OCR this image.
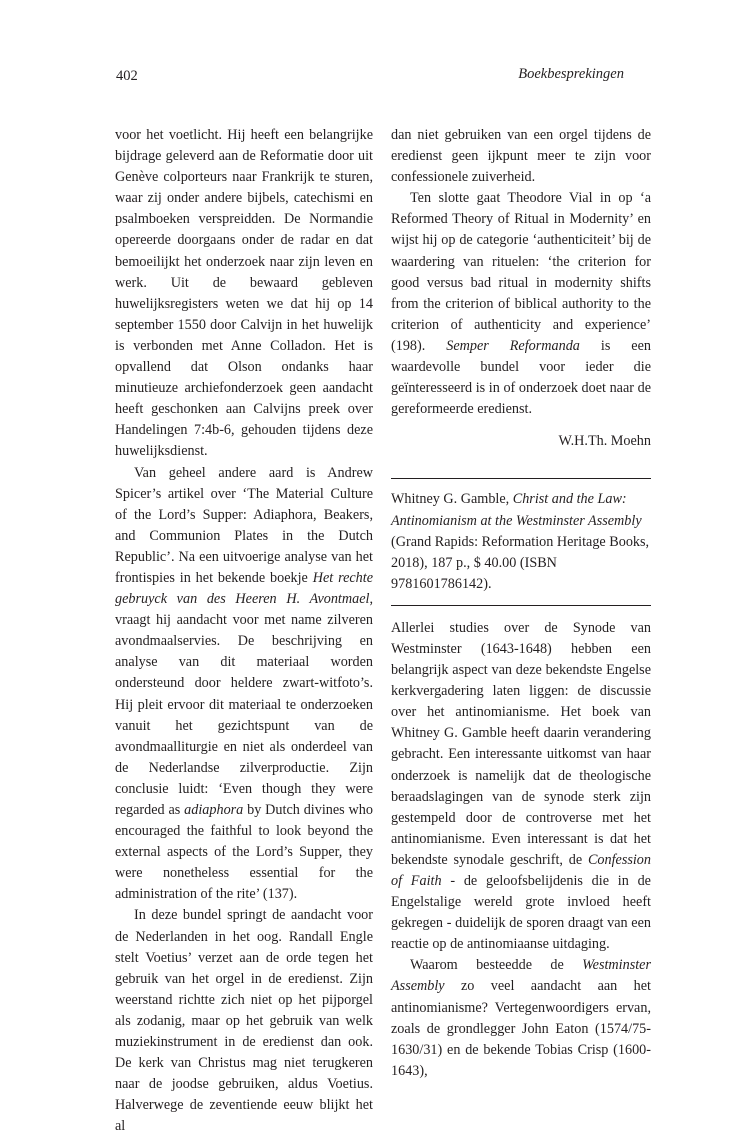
402	Boekbesprekingen

voor het voetlicht. Hij heeft een belangrijke bijdrage geleverd aan de Reformatie door uit Genève colporteurs naar Frankrijk te sturen, waar zij onder andere bijbels, catechismi en psalmboeken verspreidden. De Normandie opereerde doorgaans onder de radar en dat bemoeilijkt het onderzoek naar zijn leven en werk. Uit de bewaard gebleven huwelijksregisters weten we dat hij op 14 september 1550 door Calvijn in het huwelijk is verbonden met Anne Colladon. Het is opvallend dat Olson ondanks haar minutieuze archiefonderzoek geen aandacht heeft geschonken aan Calvijns preek over Handelingen 7:4b-6, gehouden tijdens deze huwelijksdienst.

Van geheel andere aard is Andrew Spicer’s artikel over ‘The Material Culture of the Lord’s Supper: Adiaphora, Beakers, and Communion Plates in the Dutch Republic’. Na een uitvoerige analyse van het frontispies in het bekende boekje Het rechte gebruyck van des Heeren H. Avontmael, vraagt hij aandacht voor met name zilveren avondmaalservies. De beschrijving en analyse van dit materiaal worden ondersteund door heldere zwart-witfoto’s. Hij pleit ervoor dit materiaal te onderzoeken vanuit het gezichtspunt van de avondmaalliturgie en niet als onderdeel van de Nederlandse zilverproductie. Zijn conclusie luidt: ‘Even though they were regarded as adiaphora by Dutch divines who encouraged the faithful to look beyond the external aspects of the Lord’s Supper, they were nonetheless essential for the administration of the rite’ (137).

In deze bundel springt de aandacht voor de Nederlanden in het oog. Randall Engle stelt Voetius’ verzet aan de orde tegen het gebruik van het orgel in de eredienst. Zijn weerstand richtte zich niet op het pijporgel als zodanig, maar op het gebruik van welk muziekinstrument in de eredienst dan ook. De kerk van Christus mag niet terugkeren naar de joodse gebruiken, aldus Voetius. Halverwege de zeventiende eeuw blijkt het al

dan niet gebruiken van een orgel tijdens de eredienst geen ijkpunt meer te zijn voor confessionele zuiverheid.

Ten slotte gaat Theodore Vial in op ‘a Reformed Theory of Ritual in Modernity’ en wijst hij op de categorie ‘authenticiteit’ bij de waardering van rituelen: ‘the criterion for good versus bad ritual in modernity shifts from the criterion of biblical authority to the criterion of authenticity and experience’ (198). Semper Reformanda is een waardevolle bundel voor ieder die geïnteresseerd is in of onderzoek doet naar de gereformeerde eredienst.

W.H.Th. Moehn

Whitney G. Gamble, Christ and the Law: Antinomianism at the Westminster Assembly (Grand Rapids: Reformation Heritage Books, 2018), 187 p., $ 40.00 (ISBN 9781601786142).

Allerlei studies over de Synode van Westminster (1643-1648) hebben een belangrijk aspect van deze bekendste Engelse kerkvergadering laten liggen: de discussie over het antinomianisme. Het boek van Whitney G. Gamble heeft daarin verandering gebracht. Een interessante uitkomst van haar onderzoek is namelijk dat de theologische beraadslagingen van de synode sterk zijn gestempeld door de controverse met het antinomianisme. Even interessant is dat het bekendste synodale geschrift, de Confession of Faith - de geloofsbelijdenis die in de Engelstalige wereld grote invloed heeft gekregen - duidelijk de sporen draagt van een reactie op de antinomiaanse uitdaging.

Waarom besteedde de Westminster Assembly zo veel aandacht aan het antinomianisme? Vertegenwoordigers ervan, zoals de grondlegger John Eaton (1574/75-1630/31) en de bekende Tobias Crisp (1600-1643),
